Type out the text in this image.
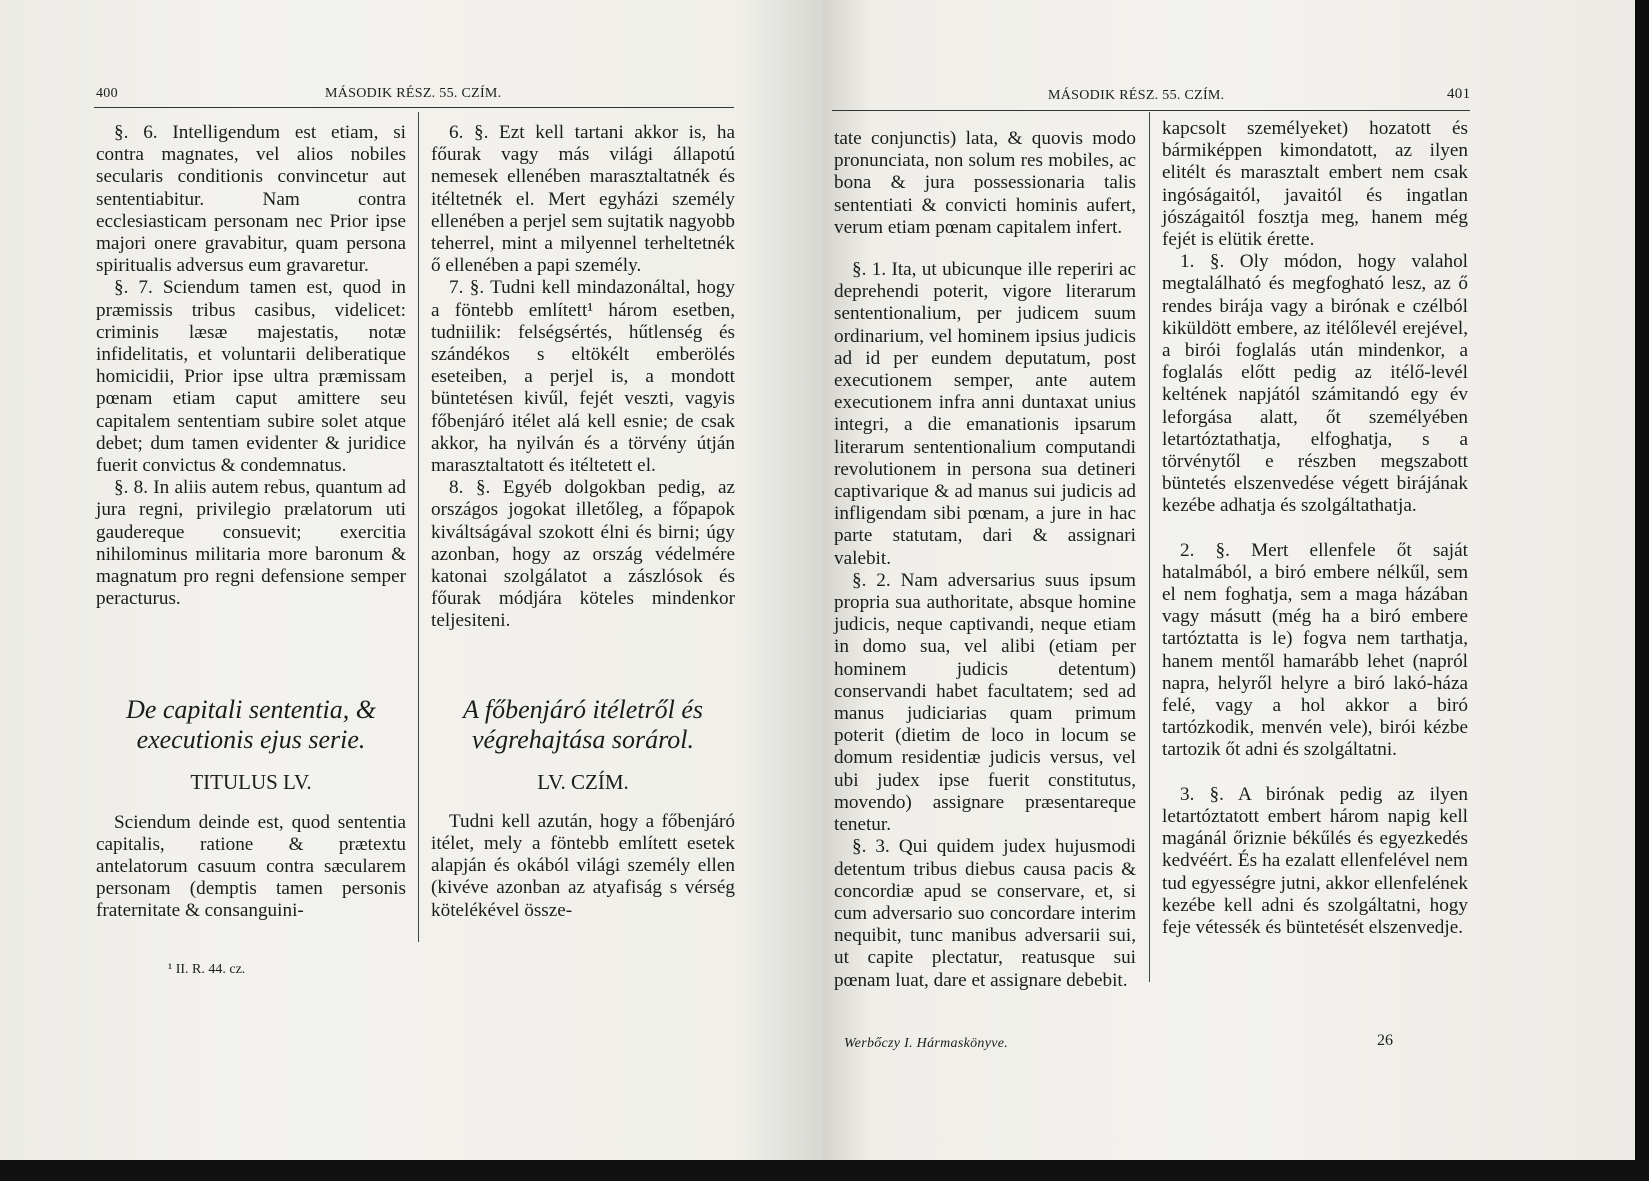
400	MÁSODIK RÉSZ. 55. CZÍM.

§. 6. Intelligendum est etiam, si contra magnates, vel alios nobiles secularis conditionis convincetur aut sententiabitur. Nam contra ecclesiasticam personam nec Prior ipse majori onere gravabitur, quam persona spiritualis adversus eum gravaretur.

§. 7. Sciendum tamen est, quod in præmissis tribus casibus, videlicet: criminis læsæ majestatis, notæ infidelitatis, et voluntarii deliberatique homicidii, Prior ipse ultra præmissam pœnam etiam caput amittere seu capitalem sententiam subire solet atque debet; dum tamen evidenter & juridice fuerit convictus & condemnatus.

§. 8. In aliis autem rebus, quantum ad jura regni, privilegio prælatorum uti gaudereque consuevit; exercitia nihilominus militaria more baronum & magnatum pro regni defensione semper peracturus.

De capitali sententia, & executionis ejus serie.

TITULUS LV.

Sciendum deinde est, quod sententia capitalis, ratione & prætextu antelatorum casuum contra sæcularem personam (demptis tamen personis fraternitate & consanguini-

6. §. Ezt kell tartani akkor is, ha főurak vagy más világi állapotú nemesek ellenében marasztaltatnék és itéltetnék el. Mert egyházi személy ellenében a perjel sem sujtatik nagyobb teherrel, mint a milyennel terheltetnék ő ellenében a papi személy.

7. §. Tudni kell mindazonáltal, hogy a föntebb említett¹ három esetben, tudniilik: felségsértés, hűtlenség és szándékos s eltökélt emberölés eseteiben, a perjel is, a mondott büntetésen kivűl, fejét veszti, vagyis főbenjáró itélet alá kell esnie; de csak akkor, ha nyilván és a törvény útján marasztaltatott és itéltetett el.

8. §. Egyéb dolgokban pedig, az országos jogokat illetőleg, a főpapok kiváltságával szokott élni és birni; úgy azonban, hogy az ország védelmére katonai szolgálatot a zászlósok és főurak módjára köteles mindenkor teljesiteni.

A főbenjáró itéletről és végrehajtása sorárol.

LV. CZÍM.

Tudni kell azután, hogy a főbenjáró itélet, mely a föntebb említett esetek alapján és okából világi személy ellen (kivéve azonban az atyafiság s vérség kötelékével össze-

¹ II. R. 44. cz.
MÁSODIK RÉSZ. 55. CZÍM.	401

tate conjunctis) lata, & quovis modo pronunciata, non solum res mobiles, ac bona & jura possessionaria talis sententiati & convicti hominis aufert, verum etiam pœnam capitalem infert.

§. 1. Ita, ut ubicunque ille reperiri ac deprehendi poterit, vigore literarum sententionalium, per judicem suum ordinarium, vel hominem ipsius judicis ad id per eundem deputatum, post executionem semper, ante autem executionem infra anni duntaxat unius integri, a die emanationis ipsarum literarum sententionalium computandi revolutionem in persona sua detineri captivarique & ad manus sui judicis ad infligendam sibi pœnam, a jure in hac parte statutam, dari & assignari valebit.

§. 2. Nam adversarius suus ipsum propria sua authoritate, absque homine judicis, neque captivandi, neque etiam in domo sua, vel alibi (etiam per hominem judicis detentum) conservandi habet facultatem; sed ad manus judiciarias quam primum poterit (dietim de loco in locum se domum residentiæ judicis versus, vel ubi judex ipse fuerit constitutus, movendo) assignare præsentareque tenetur.

§. 3. Qui quidem judex hujusmodi detentum tribus diebus causa pacis & concordiæ apud se conservare, et, si cum adversario suo concordare interim nequibit, tunc manibus adversarii sui, ut capite plectatur, reatusque sui pœnam luat, dare et assignare debebit.

kapcsolt személyeket) hozatott és bármiképpen kimondatott, az ilyen elitélt és marasztalt embert nem csak ingóságaitól, javaitól és ingatlan jószágaitól fosztja meg, hanem még fejét is elütik érette.

1. §. Oly módon, hogy valahol megtalálható és megfogható lesz, az ő rendes birája vagy a birónak e czélból kiküldött embere, az itélőlevél erejével, a birói foglalás után mindenkor, a foglalás előtt pedig az itélő-levél keltének napjától számitandó egy év leforgása alatt, őt személyében letartóztathatja, elfoghatja, s a törvénytől e részben megszabott büntetés elszenvedése végett birájának kezébe adhatja és szolgáltathatja.

2. §. Mert ellenfele őt saját hatalmából, a biró embere nélkűl, sem el nem foghatja, sem a maga házában vagy másutt (még ha a biró embere tartóztatta is le) fogva nem tarthatja, hanem mentől hamarább lehet (napról napra, helyről helyre a biró lakó-háza felé, vagy a hol akkor a biró tartózkodik, menvén vele), birói kézbe tartozik őt adni és szolgáltatni.

3. §. A birónak pedig az ilyen letartóztatott embert három napig kell magánál őriznie békűlés és egyezkedés kedvéért. És ha ezalatt ellenfelével nem tud egyességre jutni, akkor ellenfelének kezébe kell adni és szolgáltatni, hogy feje vétessék és büntetését elszenvedje.

Werbőczy I. Hármaskönyve.	26
